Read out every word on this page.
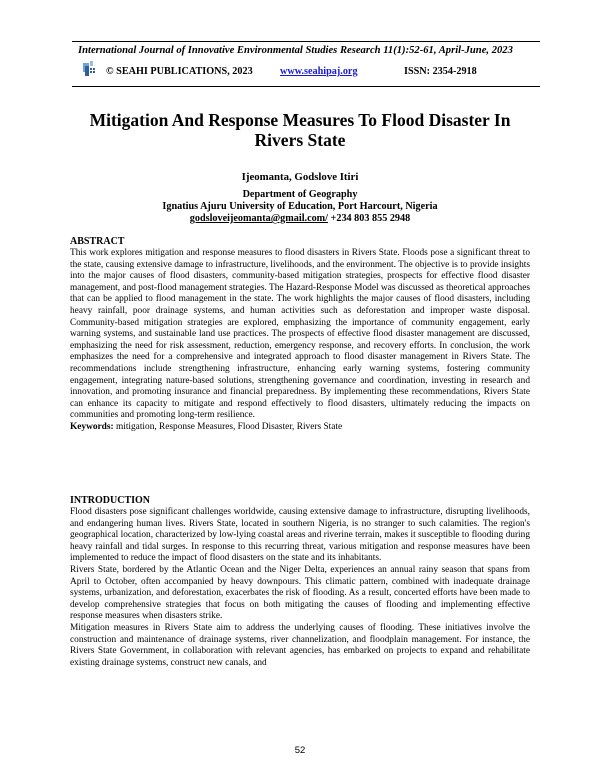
International Journal of Innovative Environmental Studies Research 11(1):52-61, April-June, 2023
© SEAHI PUBLICATIONS, 2023	www.seahipaj.org	ISSN: 2354-2918
Mitigation And Response Measures To Flood Disaster In Rivers State
Ijeomanta, Godslove Itiri
Department of Geography
Ignatius Ajuru University of Education, Port Harcourt, Nigeria
godsloveijeomanta@gmail.com/ +234 803 855 2948
ABSTRACT

This work explores mitigation and response measures to flood disasters in Rivers State. Floods pose a significant threat to the state, causing extensive damage to infrastructure, livelihoods, and the environment. The objective is to provide insights into the major causes of flood disasters, community-based mitigation strategies, prospects for effective flood disaster management, and post-flood management strategies. The Hazard-Response Model was discussed as theoretical approaches that can be applied to flood management in the state. The work highlights the major causes of flood disasters, including heavy rainfall, poor drainage systems, and human activities such as deforestation and improper waste disposal. Community-based mitigation strategies are explored, emphasizing the importance of community engagement, early warning systems, and sustainable land use practices. The prospects of effective flood disaster management are discussed, emphasizing the need for risk assessment, reduction, emergency response, and recovery efforts. In conclusion, the work emphasizes the need for a comprehensive and integrated approach to flood disaster management in Rivers State. The recommendations include strengthening infrastructure, enhancing early warning systems, fostering community engagement, integrating nature-based solutions, strengthening governance and coordination, investing in research and innovation, and promoting insurance and financial preparedness. By implementing these recommendations, Rivers State can enhance its capacity to mitigate and respond effectively to flood disasters, ultimately reducing the impacts on communities and promoting long-term resilience.

Keywords: mitigation, Response Measures, Flood Disaster, Rivers State

INTRODUCTION

Flood disasters pose significant challenges worldwide, causing extensive damage to infrastructure, disrupting livelihoods, and endangering human lives. Rivers State, located in southern Nigeria, is no stranger to such calamities. The region's geographical location, characterized by low-lying coastal areas and riverine terrain, makes it susceptible to flooding during heavy rainfall and tidal surges. In response to this recurring threat, various mitigation and response measures have been implemented to reduce the impact of flood disasters on the state and its inhabitants.

Rivers State, bordered by the Atlantic Ocean and the Niger Delta, experiences an annual rainy season that spans from April to October, often accompanied by heavy downpours. This climatic pattern, combined with inadequate drainage systems, urbanization, and deforestation, exacerbates the risk of flooding. As a result, concerted efforts have been made to develop comprehensive strategies that focus on both mitigating the causes of flooding and implementing effective response measures when disasters strike.

Mitigation measures in Rivers State aim to address the underlying causes of flooding. These initiatives involve the construction and maintenance of drainage systems, river channelization, and floodplain management. For instance, the Rivers State Government, in collaboration with relevant agencies, has embarked on projects to expand and rehabilitate existing drainage systems, construct new canals, and

52
